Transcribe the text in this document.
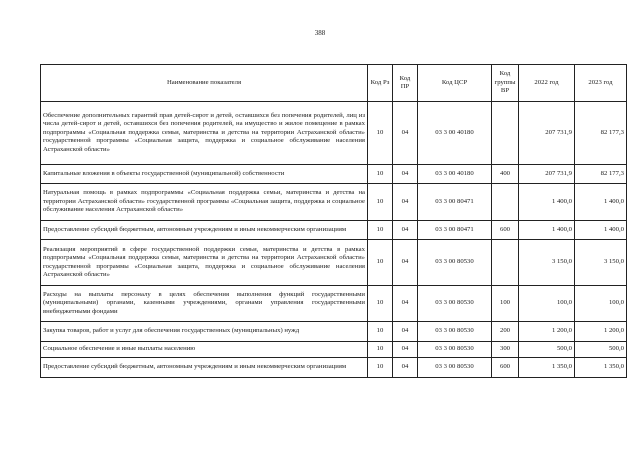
388
Наименование показателя	Код Рз	Код ПР	Код ЦСР	Код группы ВР	2022 год	2023 год
Обеспечение дополнительных гарантий прав детей-сирот и детей, оставшихся без попечения родителей, лиц из числа детей-сирот и детей, оставшихся без попечения родителей, на имущество и жилое помещение в рамках подпрограммы «Социальная поддержка семьи, материнства и детства на территории Астраханской области» государственной программы «Социальная защита, поддержка и социальное обслуживание населения Астраханской области»	10	04	03 3 00 40180		207 731,9	82 177,3
Капитальные вложения в объекты государственной (муниципальной) собственности	10	04	03 3 00 40180	400	207 731,9	82 177,3
Натуральная помощь в рамках подпрограммы «Социальная поддержка семьи, материнства и детства на территории Астраханской области» государственной программы «Социальная защита, поддержка и социальное обслуживание населения Астраханской области»	10	04	03 3 00 80471		1 400,0	1 400,0
Предоставление субсидий бюджетным, автономным учреждениям и иным некоммерческим организациям	10	04	03 3 00 80471	600	1 400,0	1 400,0
Реализация мероприятий в сфере государственной поддержки семьи, материнства и детства в рамках подпрограммы «Социальная поддержка семьи, материнства и детства на территории Астраханской области» государственной программы «Социальная защита, поддержка и социальное обслуживание населения Астраханской области»	10	04	03 3 00 80530		3 150,0	3 150,0
Расходы на выплаты персоналу в целях обеспечения выполнения функций государственными (муниципальными) органами, казенными учреждениями, органами управления государственными внебюджетными фондами	10	04	03 3 00 80530	100	100,0	100,0
Закупка товаров, работ и услуг для обеспечения государственных (муниципальных) нужд	10	04	03 3 00 80530	200	1 200,0	1 200,0
Социальное обеспечение и иные выплаты населению	10	04	03 3 00 80530	300	500,0	500,0
Предоставление субсидий бюджетным, автономным учреждениям и иным некоммерческим организациям	10	04	03 3 00 80530	600	1 350,0	1 350,0
